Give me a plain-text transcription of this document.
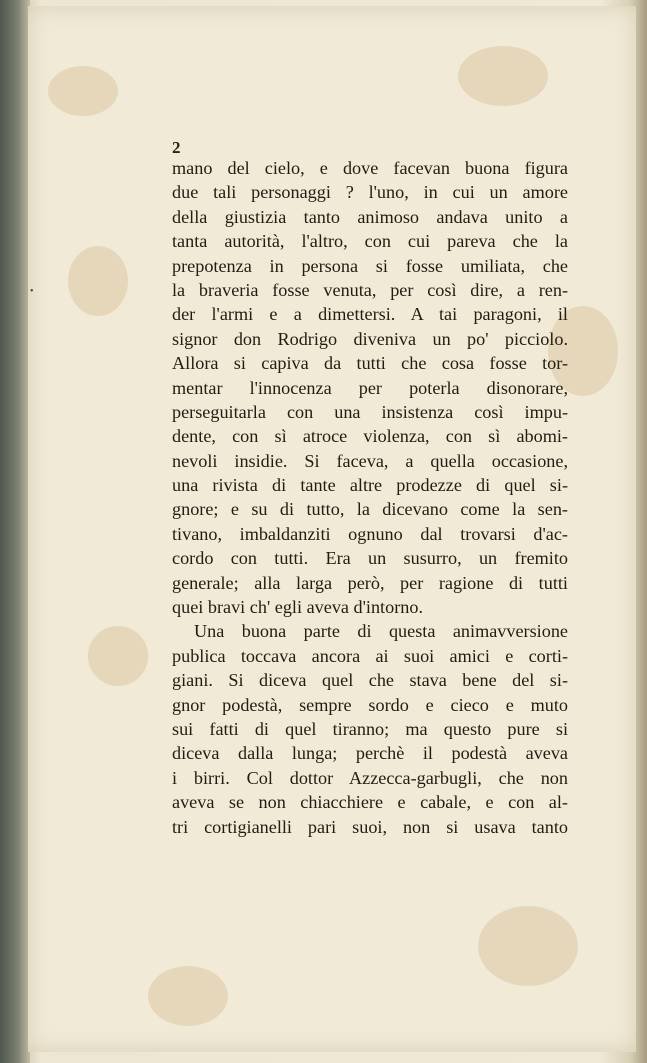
•
2
mano del cielo, e dove facevan buona figura
due tali personaggi ? l'uno, in cui un amore
della giustizia tanto animoso andava unito a
tanta autorità, l'altro, con cui pareva che la
prepotenza in persona si fosse umiliata, che
la braveria fosse venuta, per così dire, a ren-
der l'armi e a dimettersi. A tai paragoni, il
signor don Rodrigo diveniva un po' picciolo.
Allora si capiva da tutti che cosa fosse tor-
mentar l'innocenza per poterla disonorare,
perseguitarla con una insistenza così impu-
dente, con sì atroce violenza, con sì abomi-
nevoli insidie. Si faceva, a quella occasione,
una rivista di tante altre prodezze di quel si-
gnore; e su di tutto, la dicevano come la sen-
tivano, imbaldanziti ognuno dal trovarsi d'ac-
cordo con tutti. Era un susurro, un fremito
generale; alla larga però, per ragione di tutti
quei bravi ch' egli aveva d'intorno.
Una buona parte di questa animavversione
publica toccava ancora ai suoi amici e corti-
giani. Si diceva quel che stava bene del si-
gnor podestà, sempre sordo e cieco e muto
sui fatti di quel tiranno; ma questo pure si
diceva dalla lunga; perchè il podestà aveva
i birri. Col dottor Azzecca-garbugli, che non
aveva se non chiacchiere e cabale, e con al-
tri cortigianelli pari suoi, non si usava tanto
